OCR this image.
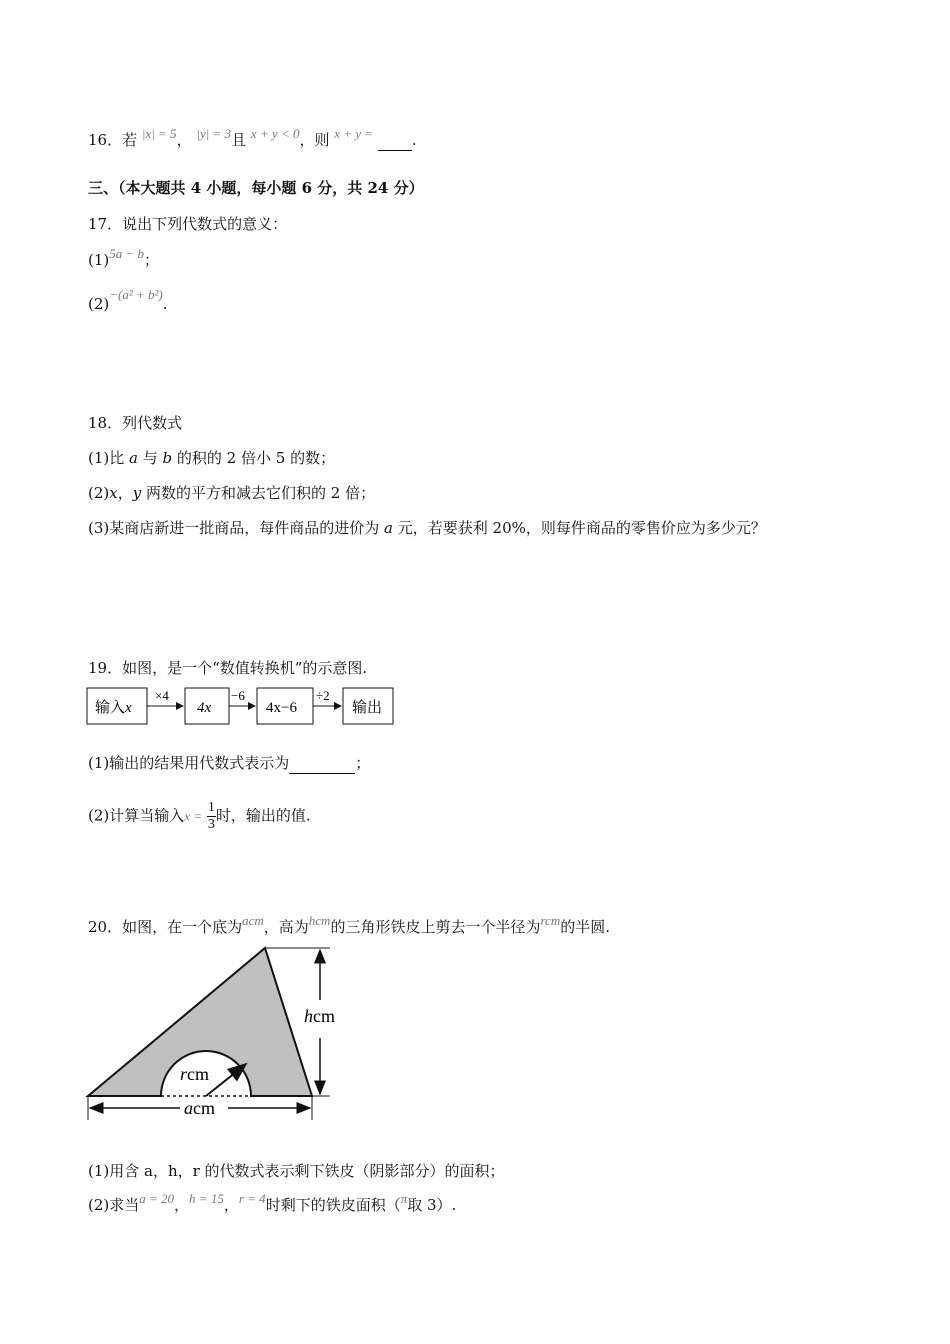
16．若 |x| = 5， |y| = 3且 x + y < 0，则 x + y =	.
三、（本大题共 4 小题，每小题 6 分，共 24 分）
17．说出下列代数式的意义：
(1)5a − b；
(2)−(a² + b²).
18．列代数式
(1)比 a 与 b 的积的 2 倍小 5 的数；
(2)x，y 两数的平方和减去它们积的 2 倍；
(3)某商店新进一批商品，每件商品的进价为 a 元，若要获利 20%，则每件商品的零售价应为多少元？
19．如图，是一个“数值转换机”的示意图.
输入x
×4
4x
−6
4x−6
÷2
输出
(1)输出的结果用代数式表示为	；
(2)计算当输入$x = \frac{1}{3}$ 时，输出的值.
20．如图，在一个底为acm，高为hcm的三角形铁皮上剪去一个半径为rcm的半圆.
rcm
hcm
acm
(1)用含 a，h，r 的代数式表示剩下铁皮（阴影部分）的面积；
(2)求当a = 20，h = 15，r = 4时剩下的铁皮面积（π取 3）.
